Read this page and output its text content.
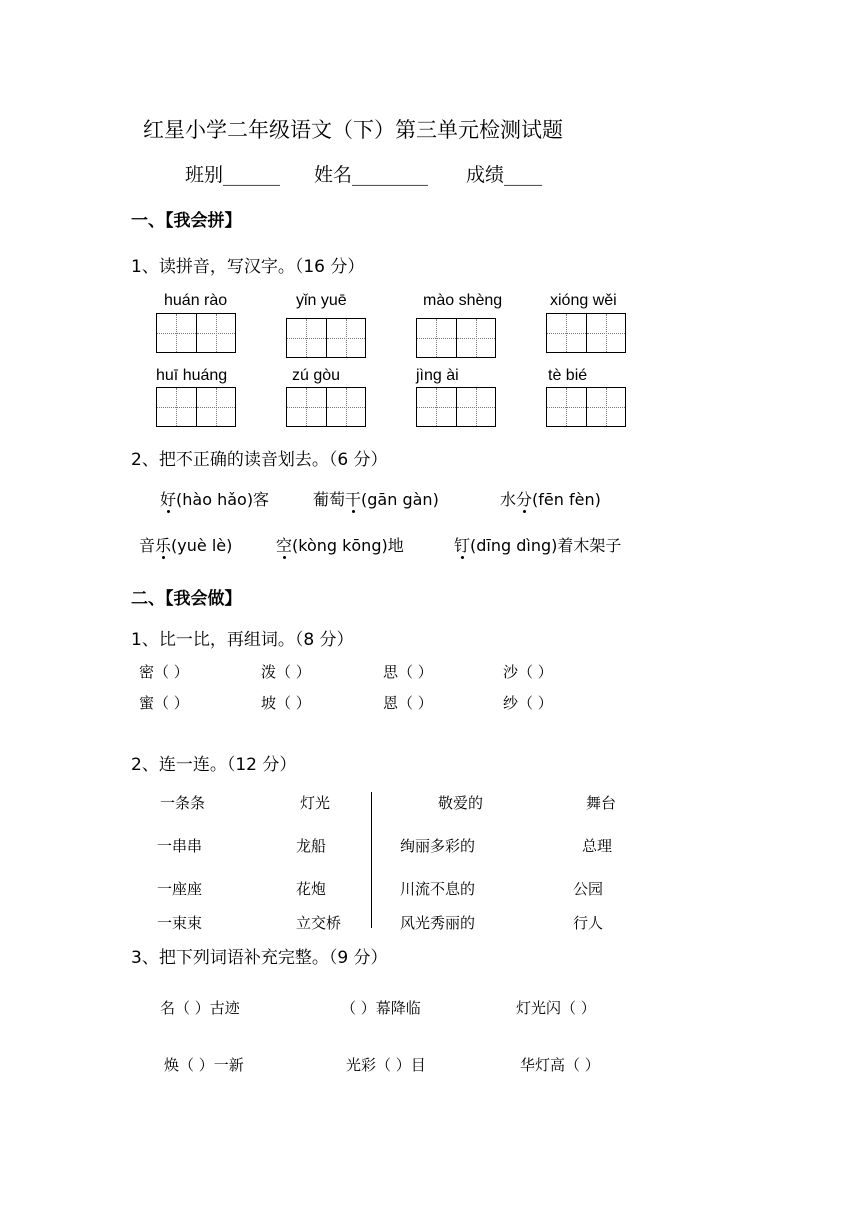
红星小学二年级语文（下）第三单元检测试题
班别______ 姓名________ 成绩____
一、【我会拼】
1、读拼音，写汉字。（16 分）
huán rào	yǐn yuē	mào shèng	xióng wěi
huī huáng	zú gòu	jìng ài	tè bié
2、把不正确的读音划去。（6 分）
好(hào hǎo)客	葡萄干(gān gàn)	水分(fēn fèn)
音乐(yuè lè)	空(kòng kōng)地	钉(dīng dìng)着木架子
二、【我会做】
1、比一比，再组词。（8 分）
密（ ）	泼（ ）	思（ ）	沙（ ）
蜜（ ）	坡（ ）	恩（ ）	纱（ ）
2、连一连。（12 分）
一条条
一串串
一座座
一束束
灯光
龙船
花炮
立交桥
敬爱的
绚丽多彩的
川流不息的
风光秀丽的
舞台
总理
公园
行人
3、把下列词语补充完整。（9 分）
名（ ）古迹	（ ）幕降临	灯光闪（ ）
焕（ ）一新	光彩（ ）目	华灯高（ ）
